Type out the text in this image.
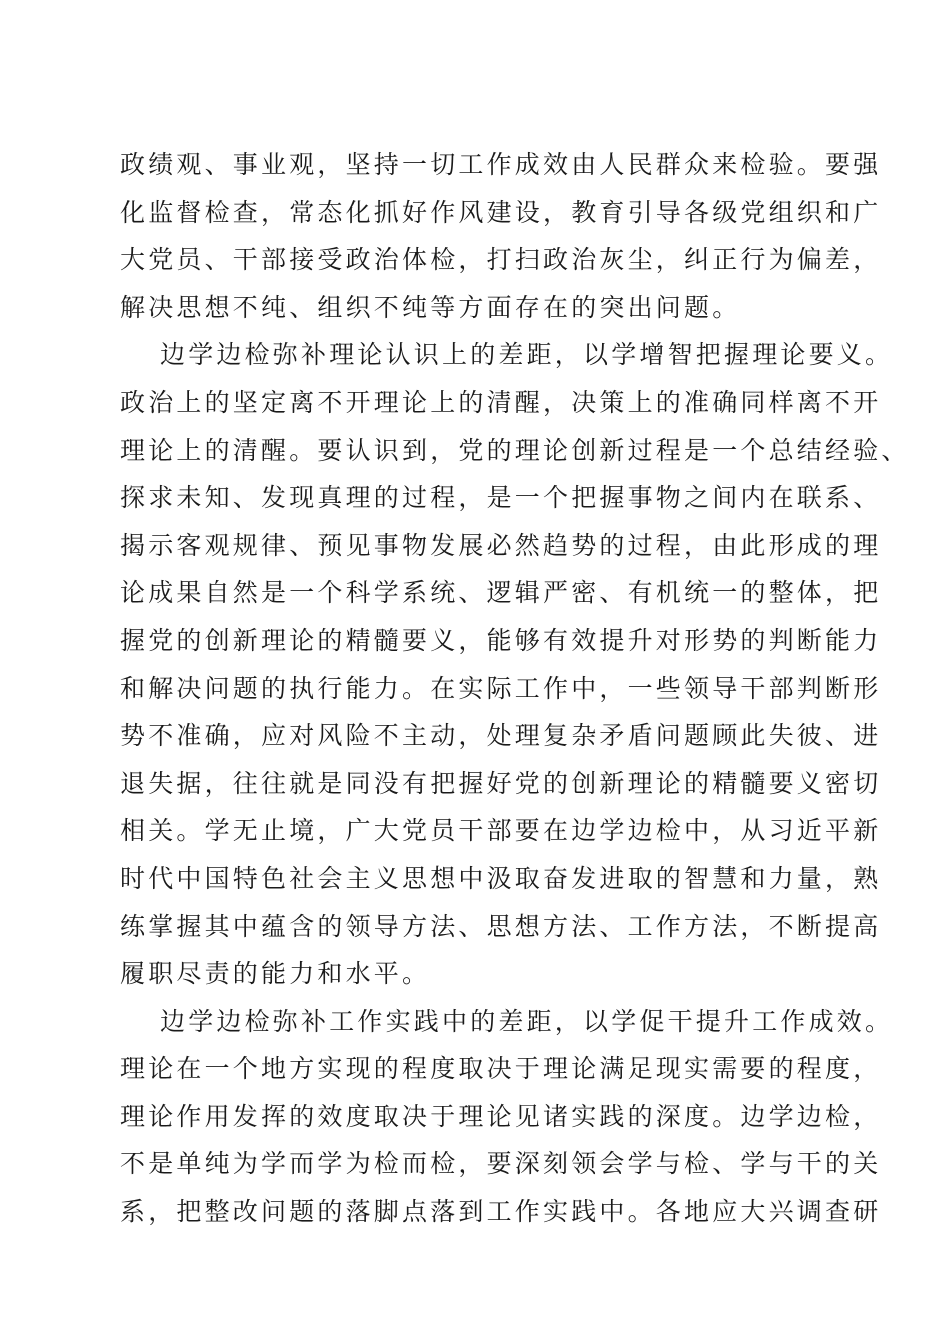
政绩观、事业观，坚持一切工作成效由人民群众来检验。要强
化监督检查，常态化抓好作风建设，教育引导各级党组织和广
大党员、干部接受政治体检，打扫政治灰尘，纠正行为偏差，
解决思想不纯、组织不纯等方面存在的突出问题。
边学边检弥补理论认识上的差距，以学增智把握理论要义。
政治上的坚定离不开理论上的清醒，决策上的准确同样离不开
理论上的清醒。要认识到，党的理论创新过程是一个总结经验、
探求未知、发现真理的过程，是一个把握事物之间内在联系、
揭示客观规律、预见事物发展必然趋势的过程，由此形成的理
论成果自然是一个科学系统、逻辑严密、有机统一的整体，把
握党的创新理论的精髓要义，能够有效提升对形势的判断能力
和解决问题的执行能力。在实际工作中，一些领导干部判断形
势不准确，应对风险不主动，处理复杂矛盾问题顾此失彼、进
退失据，往往就是同没有把握好党的创新理论的精髓要义密切
相关。学无止境，广大党员干部要在边学边检中，从习近平新
时代中国特色社会主义思想中汲取奋发进取的智慧和力量，熟
练掌握其中蕴含的领导方法、思想方法、工作方法，不断提高
履职尽责的能力和水平。
边学边检弥补工作实践中的差距，以学促干提升工作成效。
理论在一个地方实现的程度取决于理论满足现实需要的程度，
理论作用发挥的效度取决于理论见诸实践的深度。边学边检，
不是单纯为学而学为检而检，要深刻领会学与检、学与干的关
系，把整改问题的落脚点落到工作实践中。各地应大兴调查研
